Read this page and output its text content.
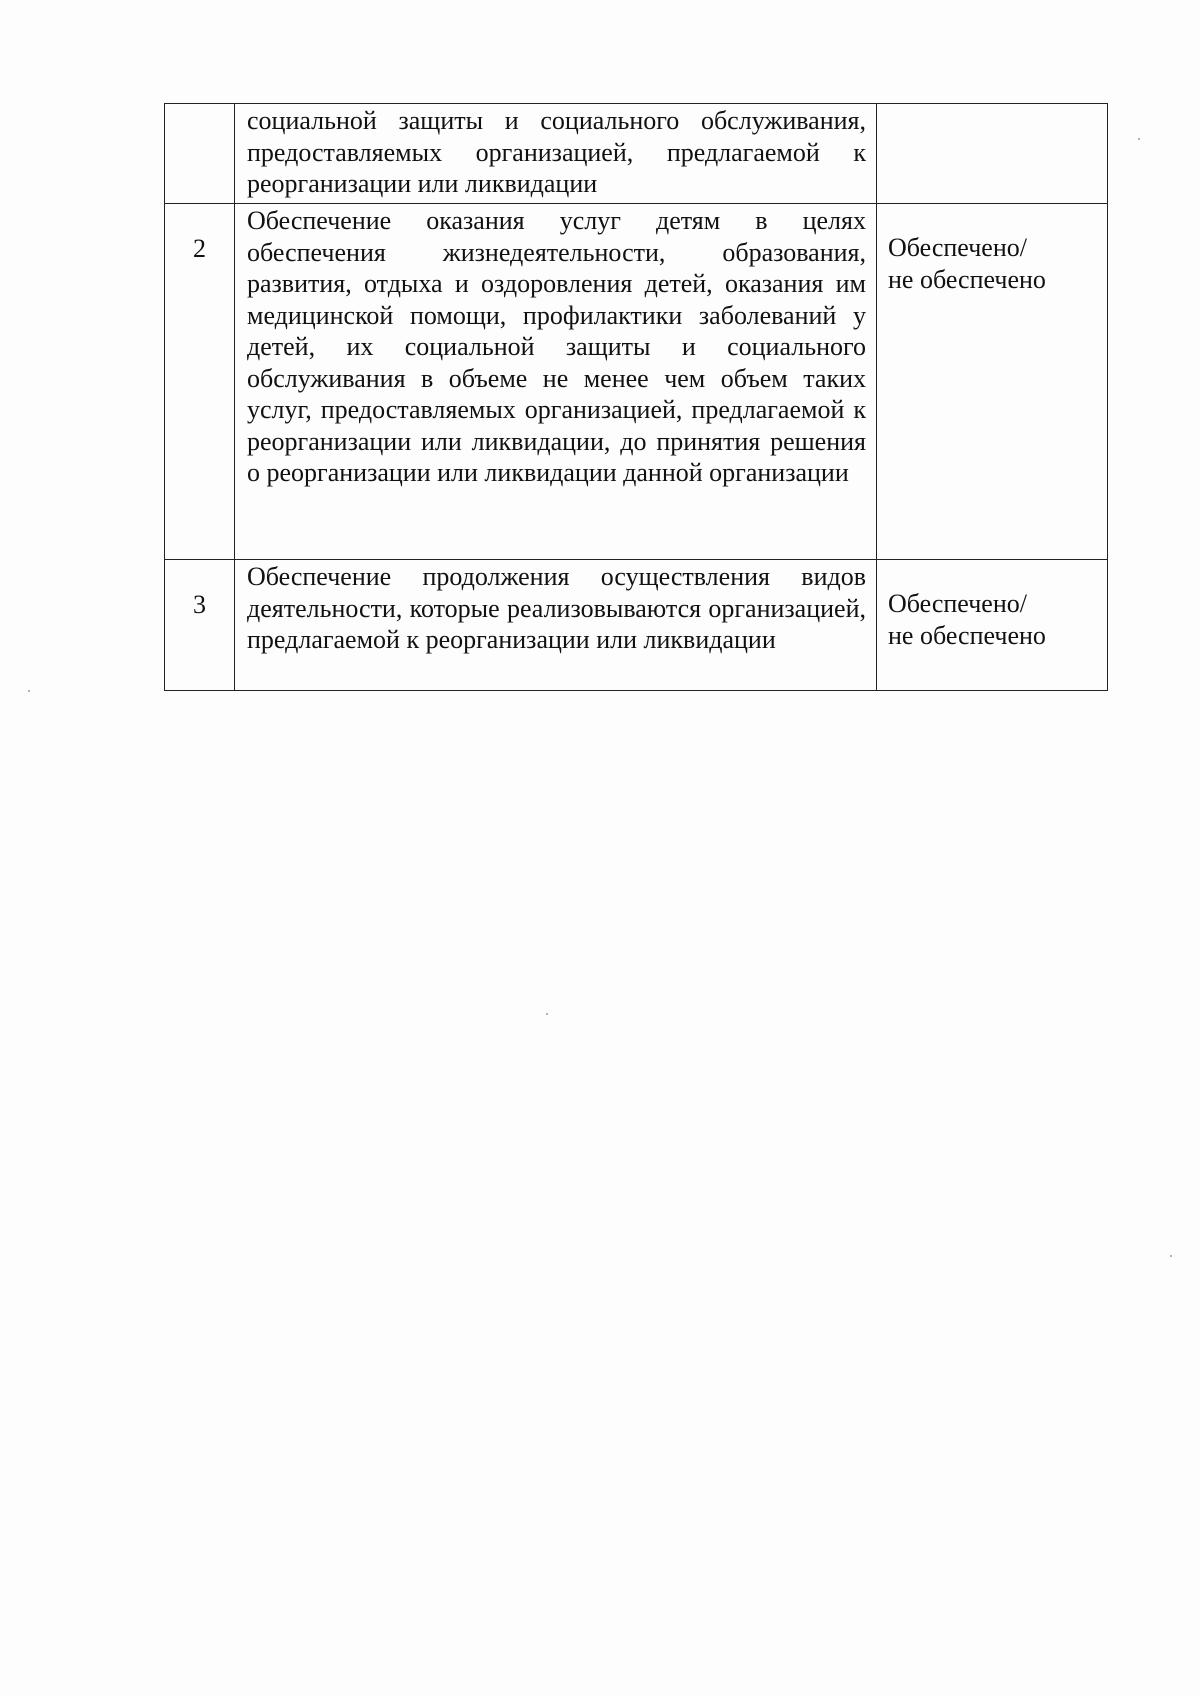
	социальной защиты и социального обслуживания, предоставляемых организацией, предлагаемой к реорганизации или ликвидации	

2	Обеспечение оказания услуг детям в целях обеспечения жизнедеятельности, образования, развития, отдыха и оздоровления детей, оказания им медицинской помощи, профилактики заболеваний у детей, их социальной защиты и социального обслуживания в объеме не менее чем объем таких услуг, предоставляемых организацией, предлагаемой к реорганизации или ликвидации, до принятия решения о реорганизации или ликвидации данной организации	Обеспечено/
не обеспечено

3	Обеспечение продолжения осуществления видов деятельности, которые реализовываются организацией, предлагаемой к реорганизации или ликвидации	Обеспечено/
не обеспечено
